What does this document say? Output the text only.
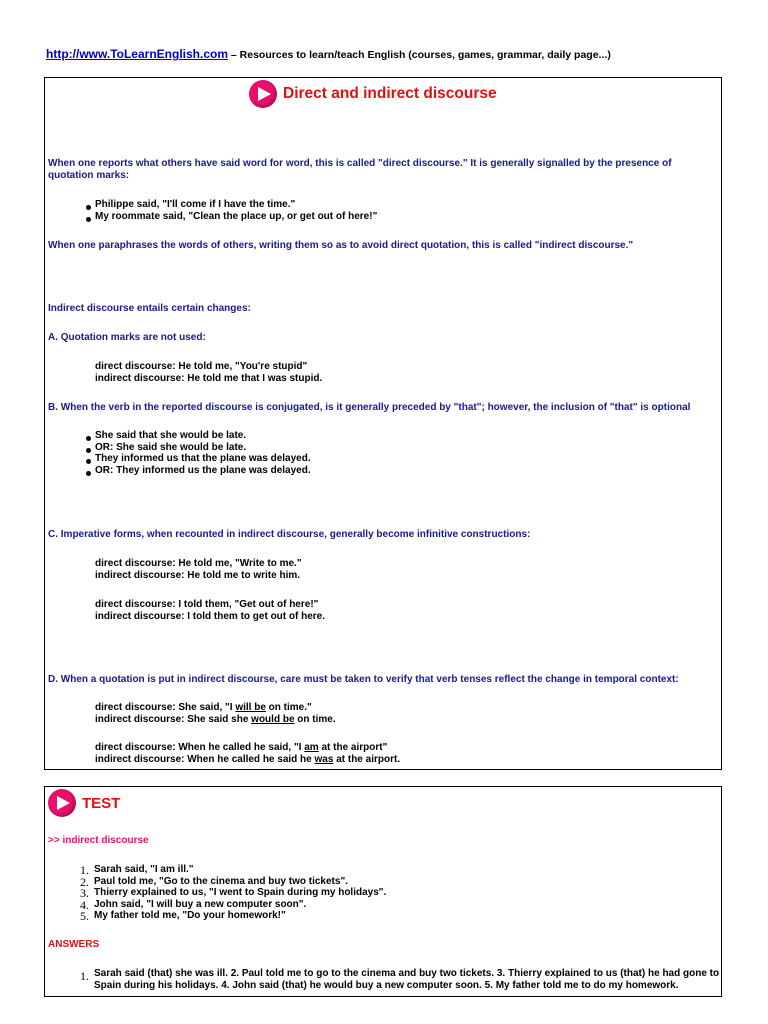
http://www.ToLearnEnglish.com – Resources to learn/teach English (courses, games, grammar, daily page...)
Direct and indirect discourse
When one reports what others have said word for word, this is called "direct discourse." It is generally signalled by the presence of quotation marks:
Philippe said, "I'll come if I have the time."
My roommate said, "Clean the place up, or get out of here!"
When one paraphrases the words of others, writing them so as to avoid direct quotation, this is called "indirect discourse."
Indirect discourse entails certain changes:
A. Quotation marks are not used:
direct discourse: He told me, "You're stupid"
indirect discourse: He told me that I was stupid.
B. When the verb in the reported discourse is conjugated, is it generally preceded by "that"; however, the inclusion of "that" is optional
She said that she would be late.
OR: She said she would be late.
They informed us that the plane was delayed.
OR: They informed us the plane was delayed.
C. Imperative forms, when recounted in indirect discourse, generally become infinitive constructions:
direct discourse: He told me, "Write to me."
indirect discourse: He told me to write him.
direct discourse: I told them, "Get out of here!"
indirect discourse: I told them to get out of here.
D. When a quotation is put in indirect discourse, care must be taken to verify that verb tenses reflect the change in temporal context:
direct discourse: She said, "I will be on time."
indirect discourse: She said she would be on time.
direct discourse: When he called he said, "I am at the airport"
indirect discourse: When he called he said he was at the airport.
TEST
>> indirect discourse
1. Sarah said, "I am ill."
2. Paul told me, "Go to the cinema and buy two tickets".
3. Thierry explained to us, "I went to Spain during my holidays".
4. John said, "I will buy a new computer soon".
5. My father told me, "Do your homework!"
ANSWERS
1. Sarah said (that) she was ill. 2. Paul told me to go to the cinema and buy two tickets. 3. Thierry explained to us (that) he had gone to Spain during his holidays. 4. John said (that) he would buy a new computer soon. 5. My father told me to do my homework.
